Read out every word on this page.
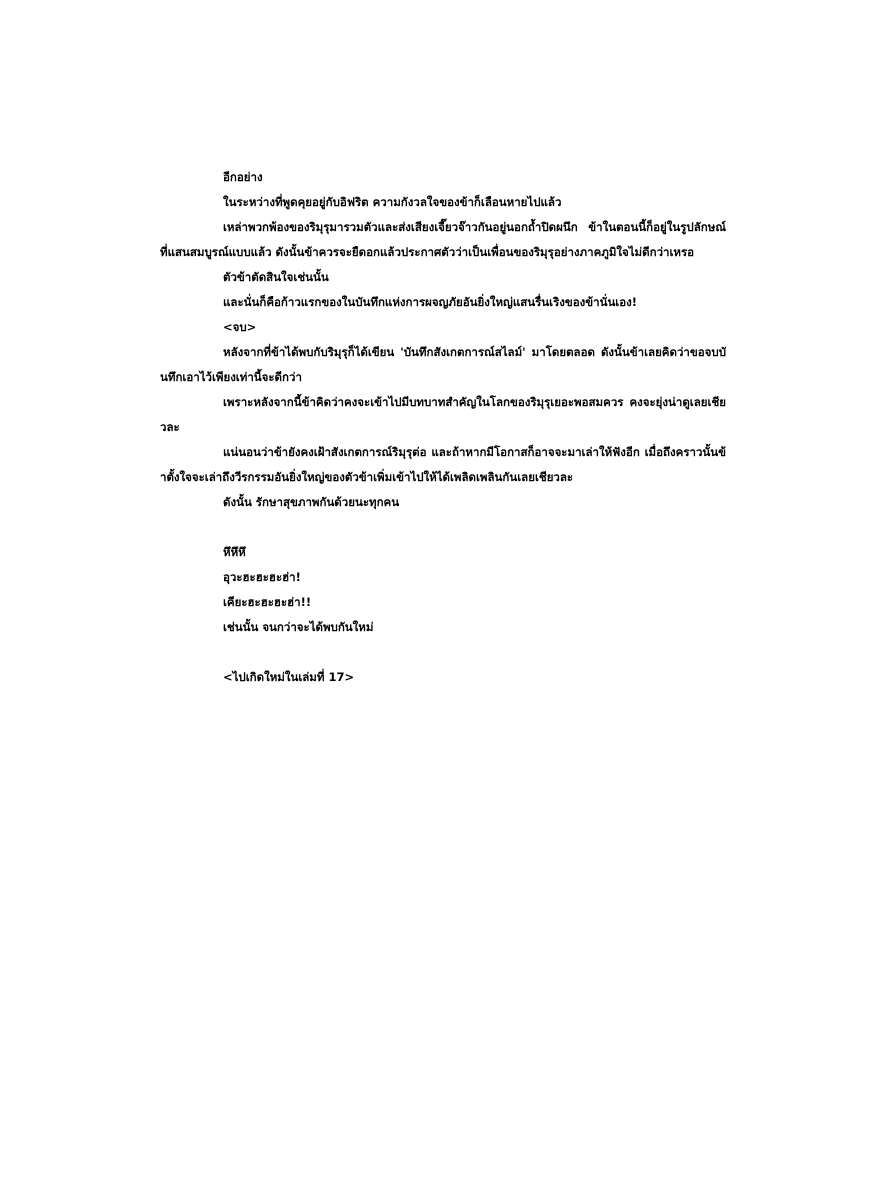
อีกอย่าง

ในระหว่างที่พูดคุยอยู่กับอิฟริต ความกังวลใจของข้าก็เลือนหายไปแล้ว

เหล่าพวกพ้องของริมุรุมารวมตัวและส่งเสียงเจี๊ยวจ๊าวกันอยู่นอกถ้ำปิดผนึก ข้าในตอนนี้ก็อยู่ในรูปลักษณ์ที่แสนสมบูรณ์แบบแล้ว ดังนั้นข้าควรจะยืดอกแล้วประกาศตัวว่าเป็นเพื่อนของริมุรุอย่างภาคภูมิใจไม่ดีกว่าเหรอ

ตัวข้าตัดสินใจเช่นนั้น

และนั่นก็คือก้าวแรกของในบันทึกแห่งการผจญภัยอันยิ่งใหญ่แสนรื่นเริงของข้านั่นเอง!

<จบ>

หลังจากที่ข้าได้พบกับริมุรุก็ได้เขียน 'บันทึกสังเกตการณ์สไลม์' มาโดยตลอด ดังนั้นข้าเลยคิดว่าขอจบบันทึกเอาไว้เพียงเท่านี้จะดีกว่า

เพราะหลังจากนี้ข้าคิดว่าคงจะเข้าไปมีบทบาทสำคัญในโลกของริมุรุเยอะพอสมควร คงจะยุ่งน่าดูเลยเชียวละ

แน่นอนว่าข้ายังคงเฝ้าสังเกตการณ์ริมุรุต่อ และถ้าหากมีโอกาสก็อาจจะมาเล่าให้ฟังอีก เมื่อถึงคราวนั้นข้าตั้งใจจะเล่าถึงวีรกรรมอันยิ่งใหญ่ของตัวข้าเพิ่มเข้าไปให้ได้เพลิดเพลินกันเลยเชียวละ

ดังนั้น รักษาสุขภาพกันด้วยนะทุกคน

หึหึหึ

อุวะฮะฮะฮะฮ่า!

เคียะฮะฮะฮะฮ่า!!

เช่นนั้น จนกว่าจะได้พบกันใหม่

<ไปเกิดใหม่ในเล่มที่ 17>
